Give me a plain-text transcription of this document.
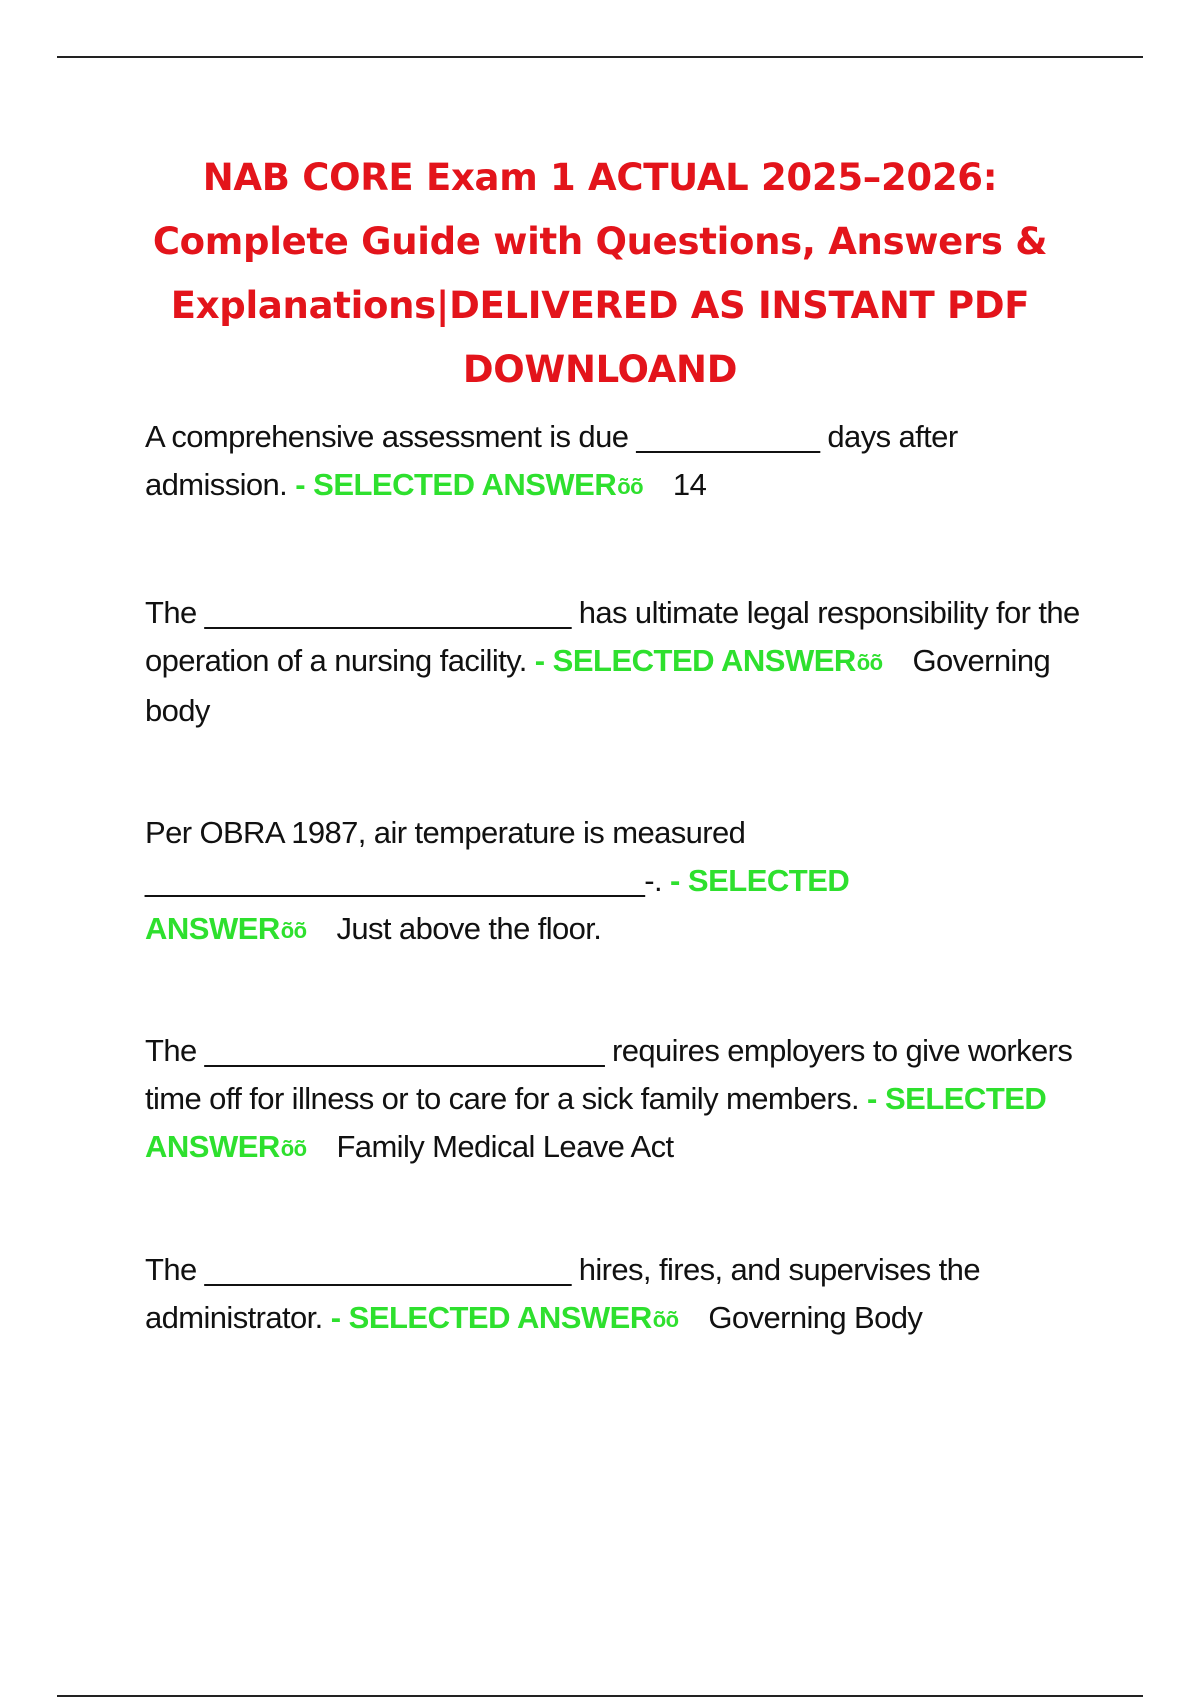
NAB CORE Exam 1 ACTUAL 2025–2026: Complete Guide with Questions, Answers & Explanations|DELIVERED AS INSTANT PDF DOWNLOAND

A comprehensive assessment is due ___________ days after admission. - SELECTED ANSWERõõ 14

The ______________________ has ultimate legal responsibility for the operation of a nursing facility. - SELECTED ANSWERõõ Governing body

Per OBRA 1987, air temperature is measured ______________________________-. - SELECTED ANSWERõõ Just above the floor.

The ________________________ requires employers to give workers time off for illness or to care for a sick family members. - SELECTED ANSWERõõ Family Medical Leave Act

The ______________________ hires, fires, and supervises the administrator. - SELECTED ANSWERõõ Governing Body
